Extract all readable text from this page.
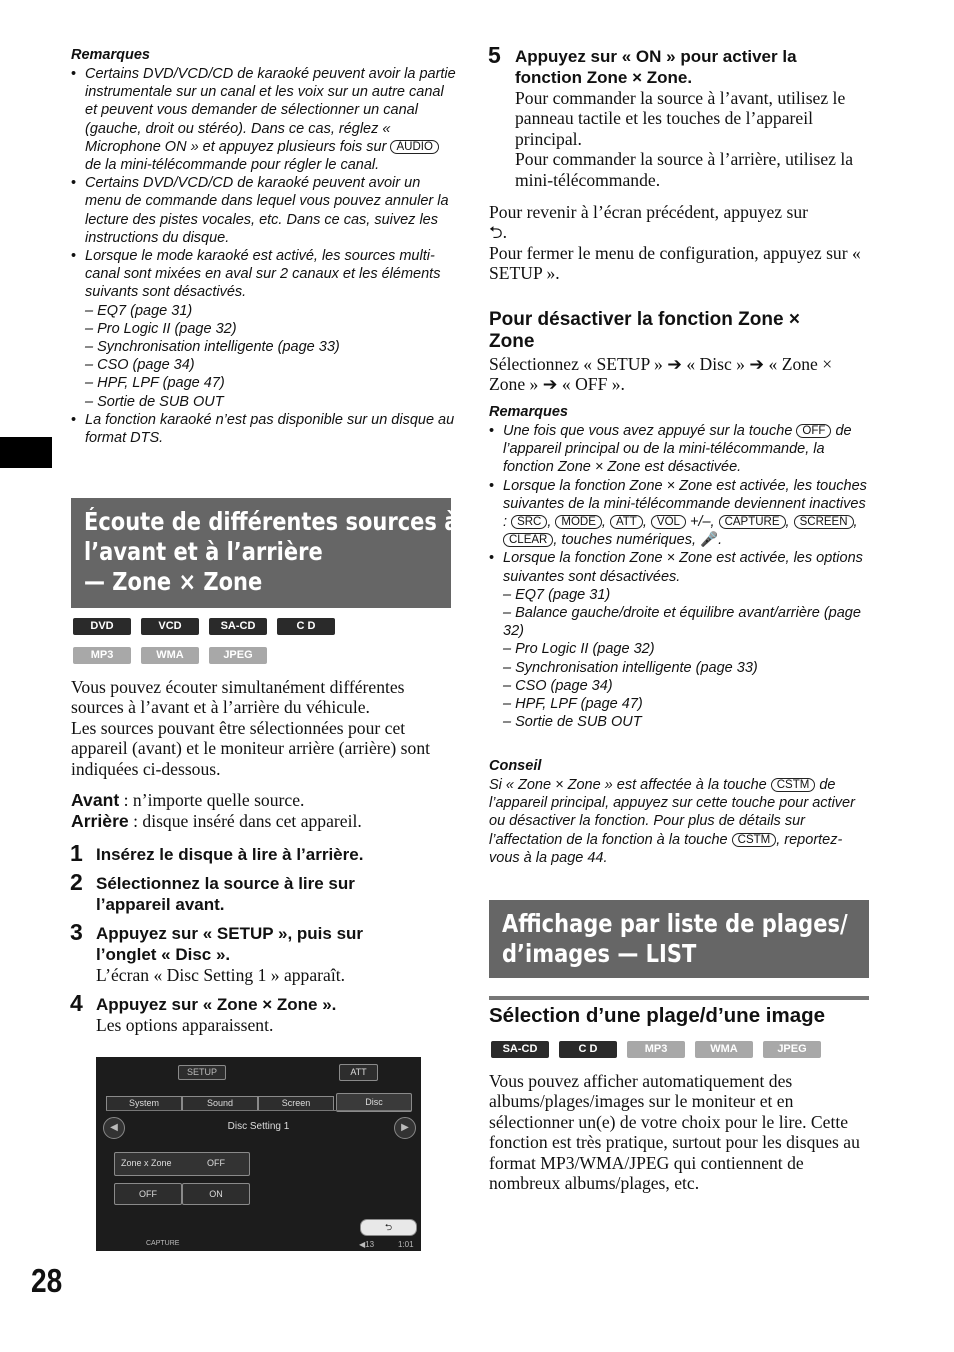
Remarques
• Certains DVD/VCD/CD de karaoké peuvent avoir la partie instrumentale sur un canal et les voix sur un autre canal et peuvent vous demander de sélectionner un canal (gauche, droit ou stéréo). Dans ce cas, réglez « Microphone ON » et appuyez plusieurs fois sur AUDIO de la mini-télécommande pour régler le canal.
• Certains DVD/VCD/CD de karaoké peuvent avoir un menu de commande dans lequel vous pouvez annuler la lecture des pistes vocales, etc. Dans ce cas, suivez les instructions du disque.
• Lorsque le mode karaoké est activé, les sources multi-canal sont mixées en aval sur 2 canaux et les éléments suivants sont désactivés.
– EQ7 (page 31)
– Pro Logic II (page 32)
– Synchronisation intelligente (page 33)
– CSO (page 34)
– HPF, LPF (page 47)
– Sortie de SUB OUT
• La fonction karaoké n’est pas disponible sur un disque au format DTS.
Écoute de différentes sources à
l’avant et à l’arrière
— Zone × Zone
DVD	VCD	SA-CD	C D
MP3	WMA	JPEG
Vous pouvez écouter simultanément différentes sources à l’avant et à l’arrière du véhicule.
Les sources pouvant être sélectionnées pour cet appareil (avant) et le moniteur arrière (arrière) sont indiquées ci-dessous.
Avant : n’importe quelle source.
Arrière : disque inséré dans cet appareil.
1 Insérez le disque à lire à l’arrière.
2 Sélectionnez la source à lire sur l’appareil avant.
3 Appuyez sur « SETUP », puis sur l’onglet « Disc ».
L’écran « Disc Setting 1 » apparaît.
4 Appuyez sur « Zone × Zone ».
Les options apparaissent.
SETUP	ATT
System	Sound	Screen	Disc
◀	▶
Disc Setting 1
Zone x Zone	OFF
OFF	ON
⮌
CAPTURE	◀13	1:01
28
5 Appuyez sur « ON » pour activer la fonction Zone × Zone.
Pour commander la source à l’avant, utilisez le panneau tactile et les touches de l’appareil principal.
Pour commander la source à l’arrière, utilisez la mini-télécommande.
Pour revenir à l’écran précédent, appuyez sur
⮌.
Pour fermer le menu de configuration, appuyez sur « SETUP ».
Pour désactiver la fonction Zone × Zone
Sélectionnez « SETUP » ➔ « Disc » ➔ « Zone × Zone » ➔ « OFF ».
Remarques
• Une fois que vous avez appuyé sur la touche OFF de l’appareil principal ou de la mini-télécommande, la fonction Zone × Zone est désactivée.
• Lorsque la fonction Zone × Zone est activée, les touches suivantes de la mini-télécommande deviennent inactives : SRC , MODE , ATT , VOL +/–, CAPTURE , SCREEN , CLEAR , touches numériques, 🎤.
• Lorsque la fonction Zone × Zone est activée, les options suivantes sont désactivées.
– EQ7 (page 31)
– Balance gauche/droite et équilibre avant/arrière (page 32)
– Pro Logic II (page 32)
– Synchronisation intelligente (page 33)
– CSO (page 34)
– HPF, LPF (page 47)
– Sortie de SUB OUT
Conseil
Si « Zone × Zone » est affectée à la touche CSTM de l’appareil principal, appuyez sur cette touche pour activer ou désactiver la fonction. Pour plus de détails sur l’affectation de la fonction à la touche CSTM , reportez-vous à la page 44.
Affichage par liste de plages/
d’images — LIST
Sélection d’une plage/d’une image
SA-CD	C D	MP3	WMA	JPEG
Vous pouvez afficher automatiquement des albums/plages/images sur le moniteur et en sélectionner un(e) de votre choix pour le lire. Cette fonction est très pratique, surtout pour les disques au format MP3/WMA/JPEG qui contiennent de nombreux albums/plages, etc.
